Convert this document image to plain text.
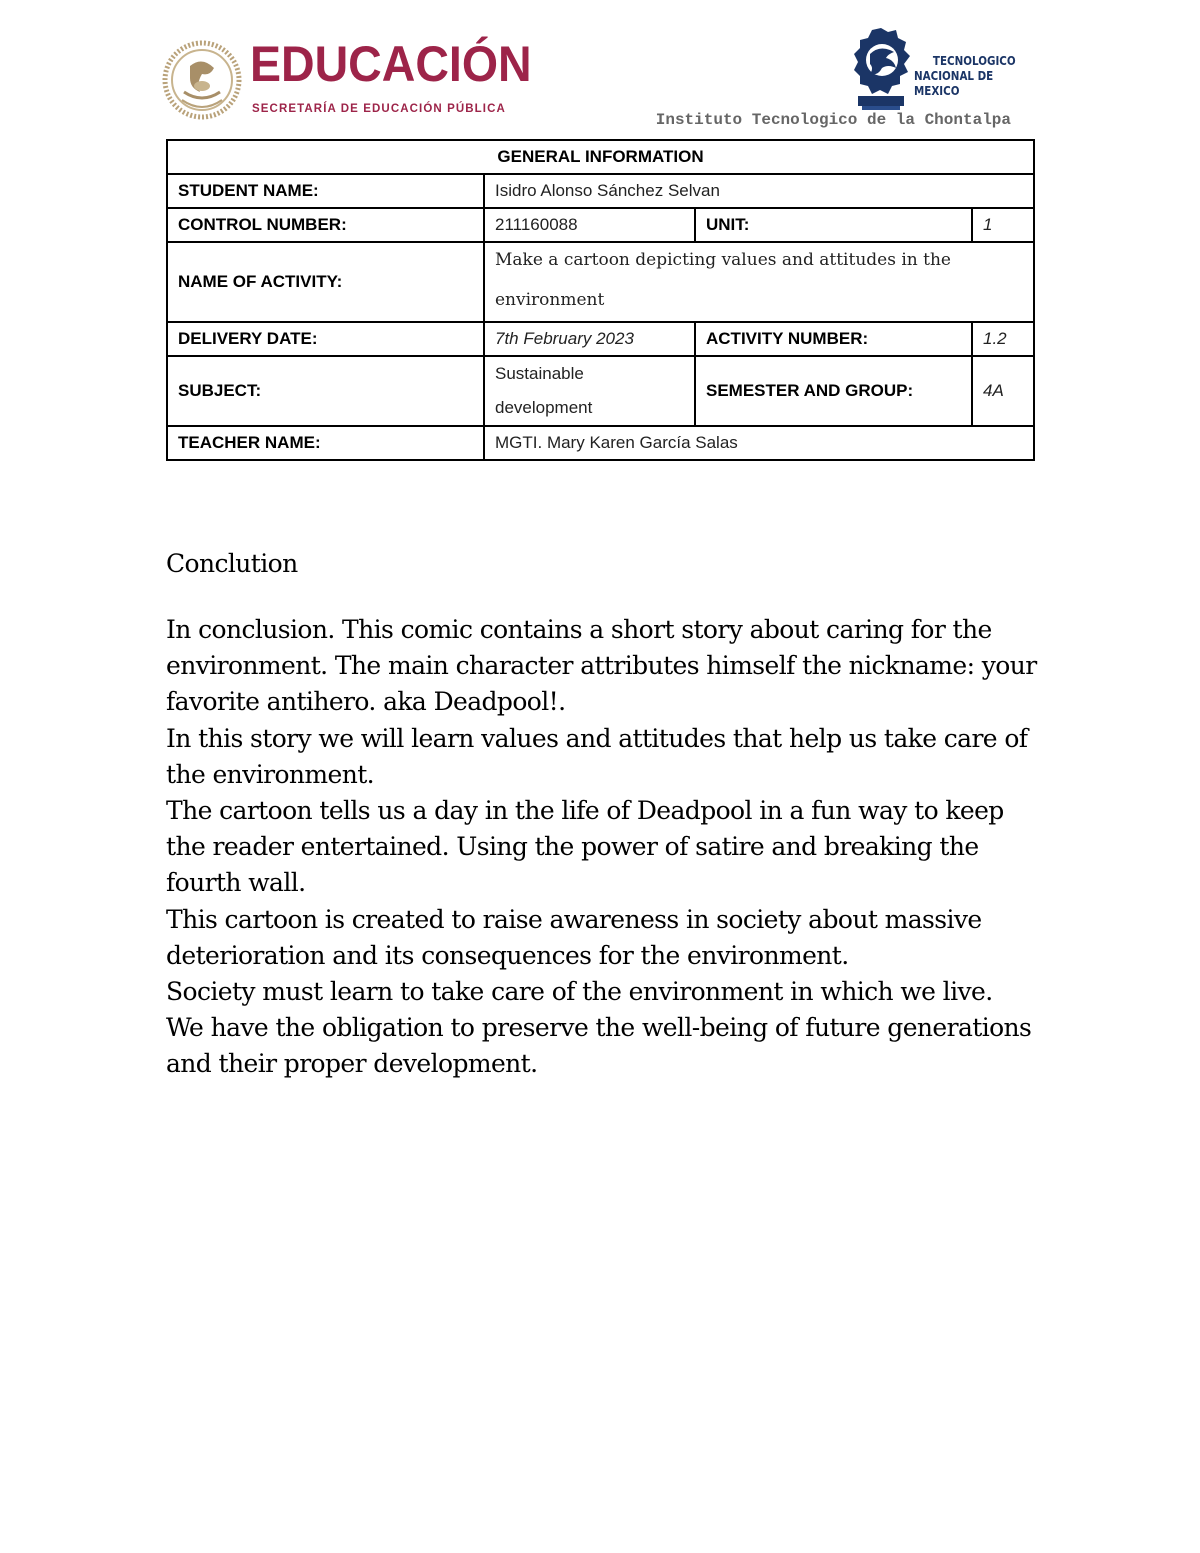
EDUCACIÓN
SECRETARÍA DE EDUCACIÓN PÚBLICA
TECNOLOGICO
NACIONAL DE MEXICO
Instituto Tecnologico de la Chontalpa
GENERAL INFORMATION			
STUDENT NAME:	Isidro Alonso Sánchez Selvan		
CONTROL NUMBER:	211160088	UNIT:	1
NAME OF ACTIVITY:	Make a cartoon depicting values and attitudes in the environment		

DELIVERY DATE:	7th February 2023	ACTIVITY NUMBER:	1.2
SUBJECT:	Sustainable development	SEMESTER AND GROUP:	4A
TEACHER NAME:	MGTI. Mary Karen García Salas		
Conclution

In conclusion. This comic contains a short story about caring for the environment. The main character attributes himself the nickname: your favorite antihero. aka Deadpool!.

In this story we will learn values and attitudes that help us take care of the environment.

The cartoon tells us a day in the life of Deadpool in a fun way to keep the reader entertained. Using the power of satire and breaking the fourth wall.

This cartoon is created to raise awareness in society about massive deterioration and its consequences for the environment.

Society must learn to take care of the environment in which we live.

We have the obligation to preserve the well-being of future generations and their proper development.
